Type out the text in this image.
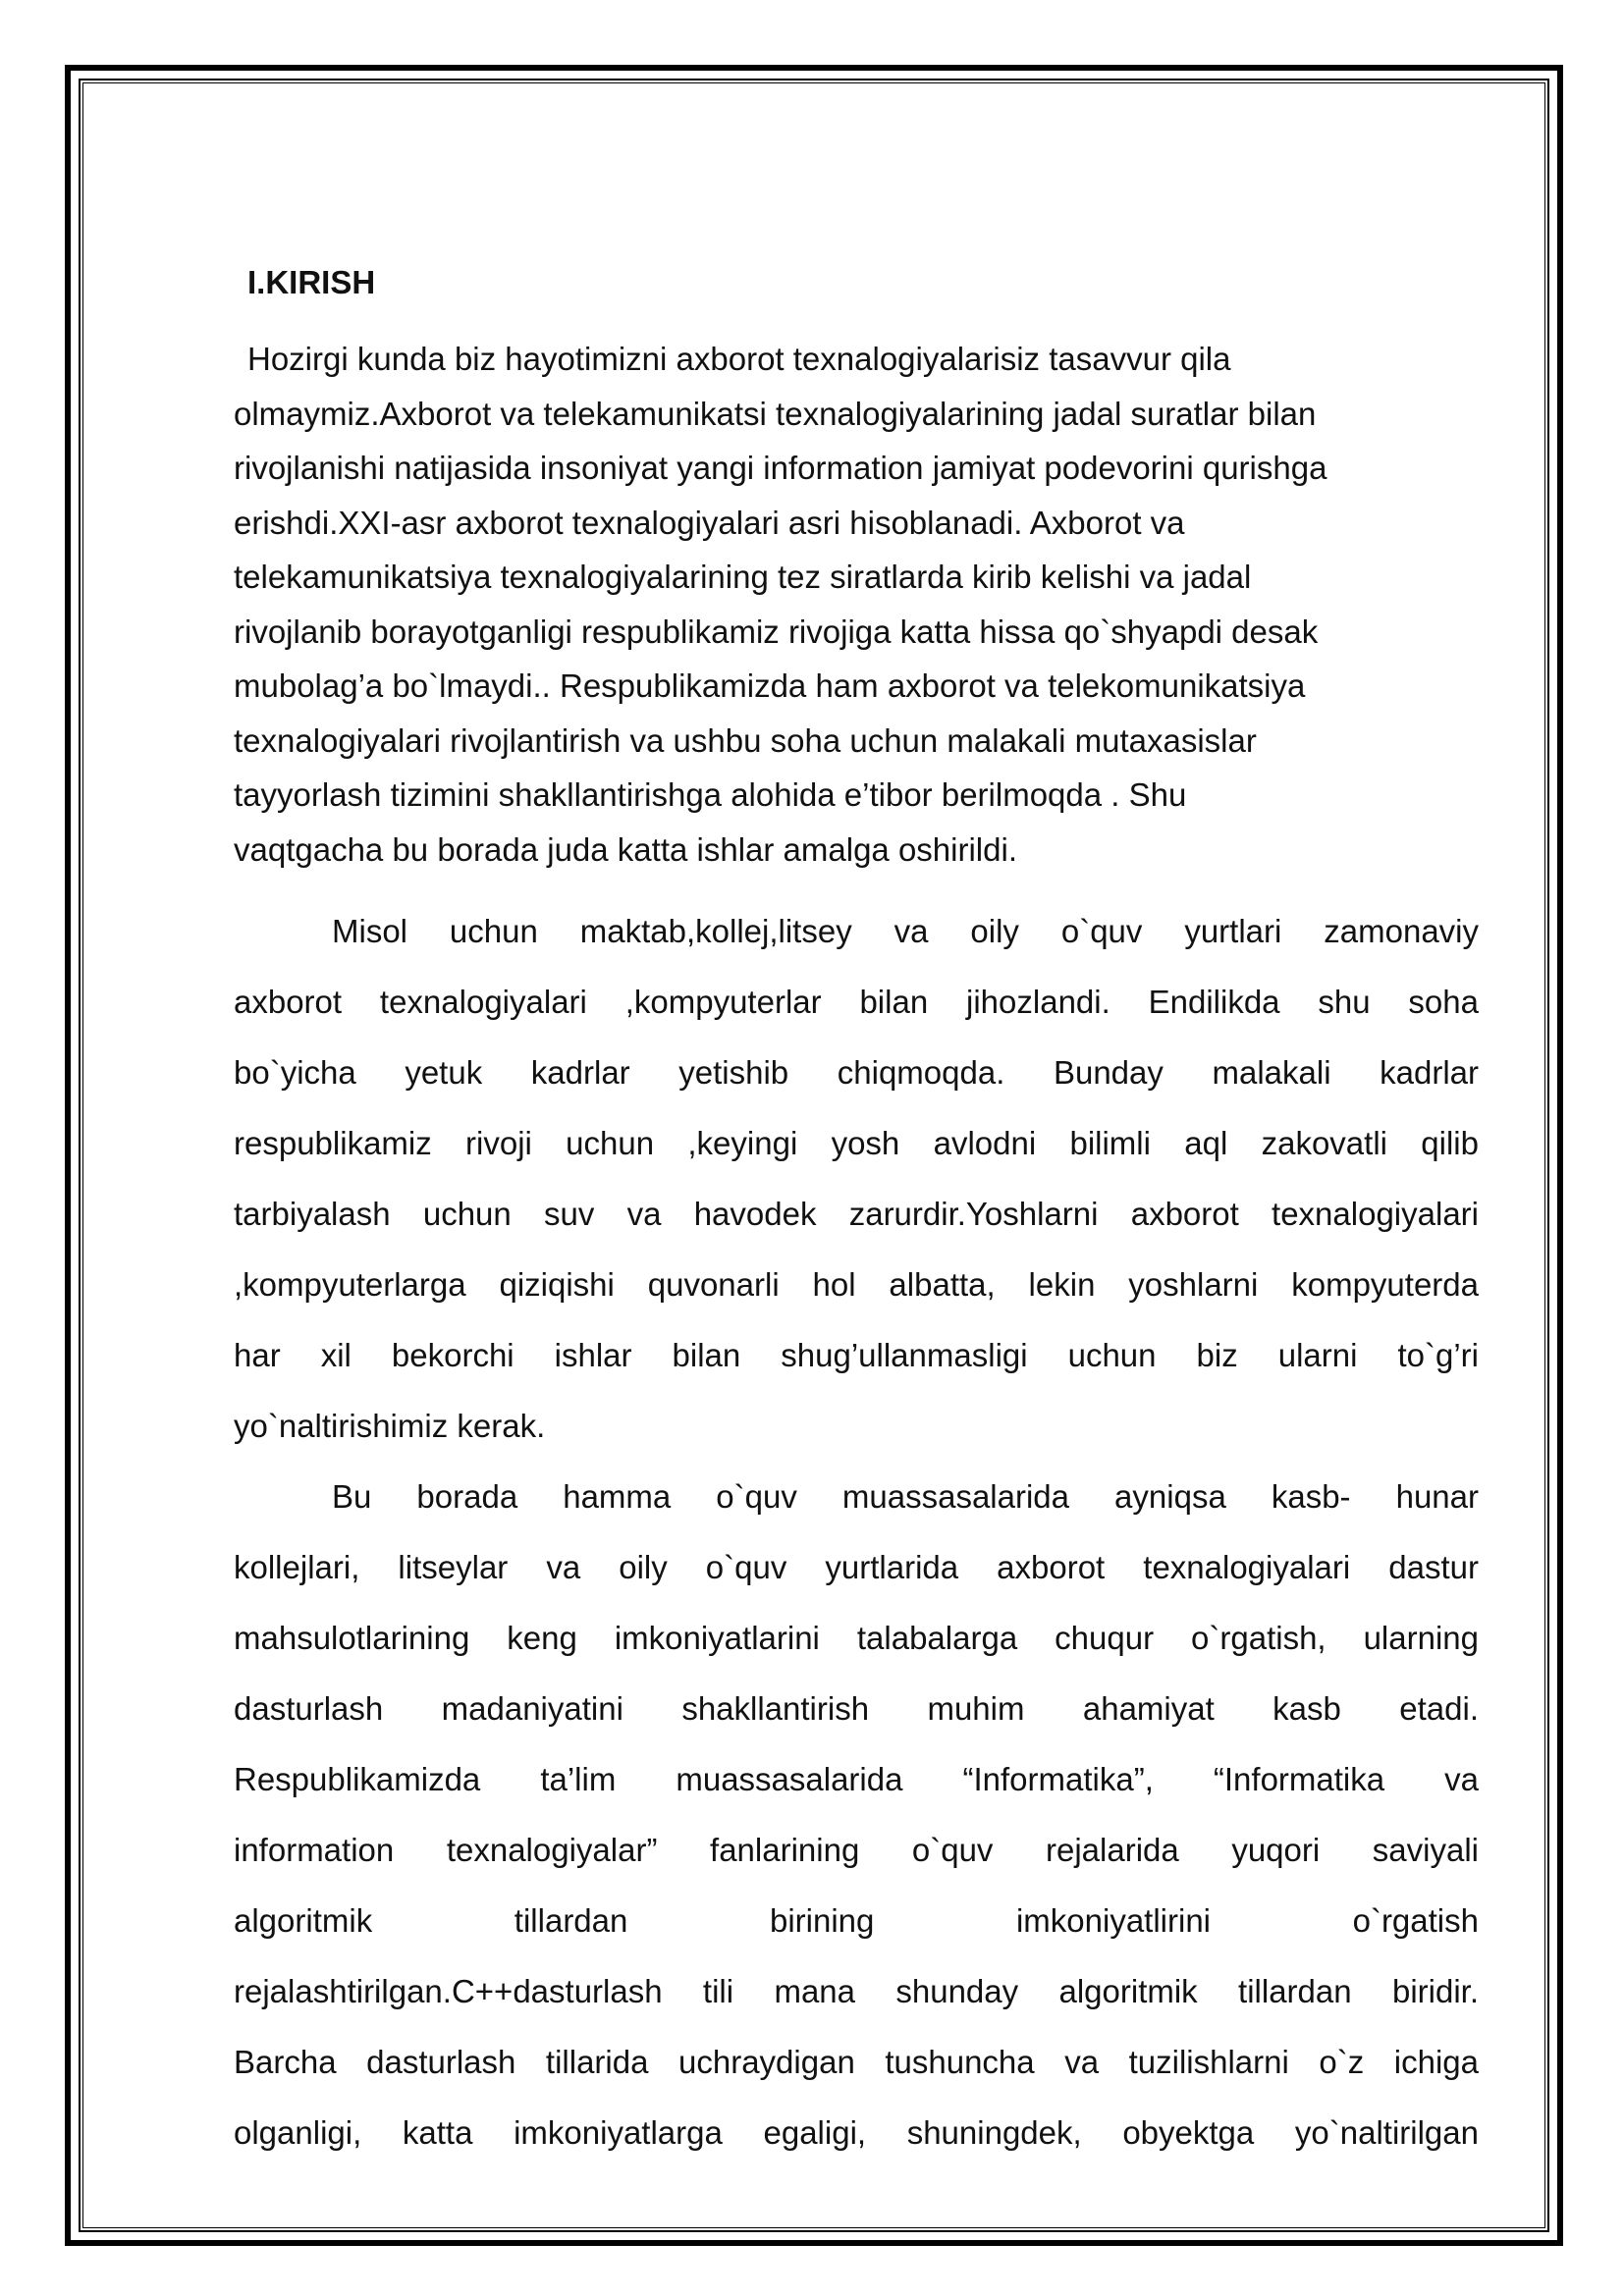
I.KIRISH
Hozirgi kunda biz hayotimizni axborot texnalogiyalarisiz tasavvur qila
olmaymiz.Axborot va telekamunikatsi texnalogiyalarining jadal suratlar bilan
rivojlanishi natijasida insoniyat yangi information jamiyat podevorini qurishga
erishdi.XXI-asr axborot texnalogiyalari asri hisoblanadi. Axborot va
telekamunikatsiya texnalogiyalarining tez siratlarda kirib kelishi va jadal
rivojlanib borayotganligi respublikamiz rivojiga katta hissa qo`shyapdi desak
mubolag’a bo`lmaydi.. Respublikamizda ham axborot va telekomunikatsiya
texnalogiyalari rivojlantirish va ushbu soha uchun malakali mutaxasislar
tayyorlash tizimini shakllantirishga alohida e’tibor berilmoqda . Shu
vaqtgacha bu borada juda katta ishlar amalga oshirildi.
Misol uchun maktab,kollej,litsey va oily o`quv yurtlari zamonaviy
axborot texnalogiyalari ,kompyuterlar bilan jihozlandi. Endilikda shu soha
bo`yicha yetuk kadrlar yetishib chiqmoqda. Bunday malakali kadrlar
respublikamiz rivoji uchun ,keyingi yosh avlodni bilimli aql zakovatli qilib
tarbiyalash uchun suv va havodek zarurdir.Yoshlarni axborot texnalogiyalari
,kompyuterlarga qiziqishi quvonarli hol albatta, lekin yoshlarni kompyuterda
har xil bekorchi ishlar bilan shug’ullanmasligi uchun biz ularni to`g’ri
yo`naltirishimiz kerak.
Bu borada hamma o`quv muassasalarida ayniqsa kasb- hunar
kollejlari, litseylar va oily o`quv yurtlarida axborot texnalogiyalari dastur
mahsulotlarining keng imkoniyatlarini talabalarga chuqur o`rgatish, ularning
dasturlash madaniyatini shakllantirish muhim ahamiyat kasb etadi.
Respublikamizda ta’lim muassasalarida “Informatika”, “Informatika va
information texnalogiyalar” fanlarining o`quv rejalarida yuqori saviyali
algoritmik tillardan birining imkoniyatlirini o`rgatish
rejalashtirilgan.C++dasturlash tili mana shunday algoritmik tillardan biridir.
Barcha dasturlash tillarida uchraydigan tushuncha va tuzilishlarni o`z ichiga
olganligi, katta imkoniyatlarga egaligi, shuningdek, obyektga yo`naltirilgan
